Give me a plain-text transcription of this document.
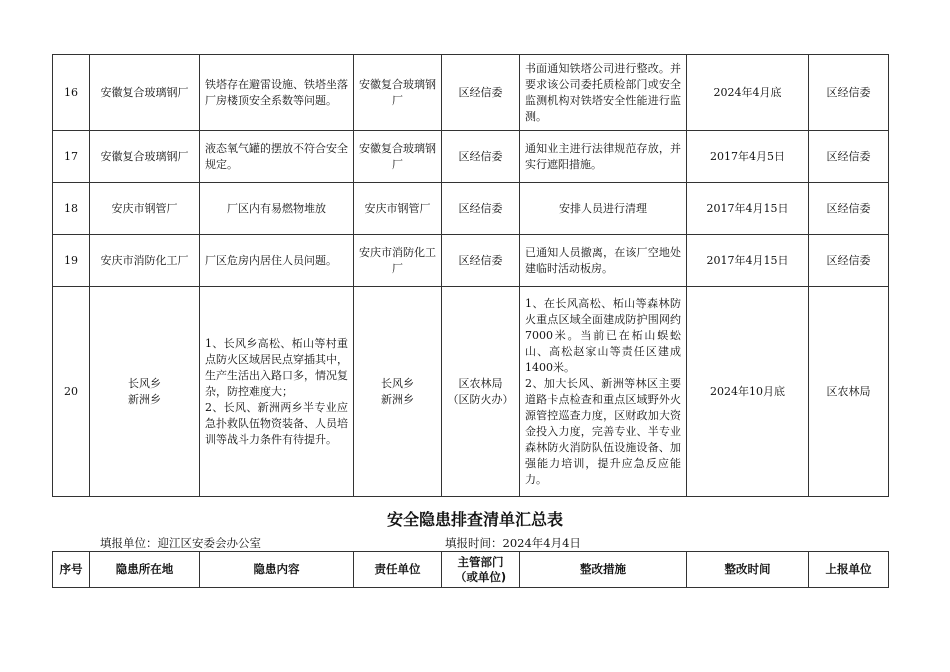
16	安徽复合玻璃钢厂	铁塔存在避雷设施、铁塔坐落厂房楼顶安全系数等问题。	安徽复合玻璃钢厂	区经信委	书面通知铁塔公司进行整改。并要求该公司委托质检部门或安全监测机构对铁塔安全性能进行监测。	2024年4月底	区经信委
17	安徽复合玻璃钢厂	液态氧气罐的摆放不符合安全规定。	安徽复合玻璃钢厂	区经信委	通知业主进行法律规范存放，并实行遮阳措施。	2017年4月5日	区经信委
18	安庆市钢管厂	厂区内有易燃物堆放	安庆市钢管厂	区经信委	安排人员进行清理	2017年4月15日	区经信委
19	安庆市消防化工厂	厂区危房内居住人员问题。	安庆市消防化工厂	区经信委	已通知人员撤离，在该厂空地处建临时活动板房。	2017年4月15日	区经信委
20	长风乡
新洲乡	1、长风乡高松、柘山等村重点防火区域居民点穿插其中，生产生活出入路口多，情况复杂，防控难度大；
2、长风、新洲两乡半专业应急扑救队伍物资装备、人员培训等战斗力条件有待提升。	长风乡
新洲乡	区农林局
（区防火办）	1、在长风高松、柘山等森林防火重点区域全面建成防护围网约7000米。当前已在柘山蜈蚣山、高松赵家山等责任区建成1400米。
2、加大长风、新洲等林区主要道路卡点检查和重点区域野外火源管控巡查力度，区财政加大资金投入力度，完善专业、半专业森林防火消防队伍设施设备、加强能力培训，提升应急反应能力。	2024年10月底	区农林局
安全隐患排查清单汇总表
填报单位：迎江区安委会办公室	填报时间：2024年4月4日
序号	隐患所在地	隐患内容	责任单位	主管部门
（或单位)	整改措施	整改时间	上报单位
